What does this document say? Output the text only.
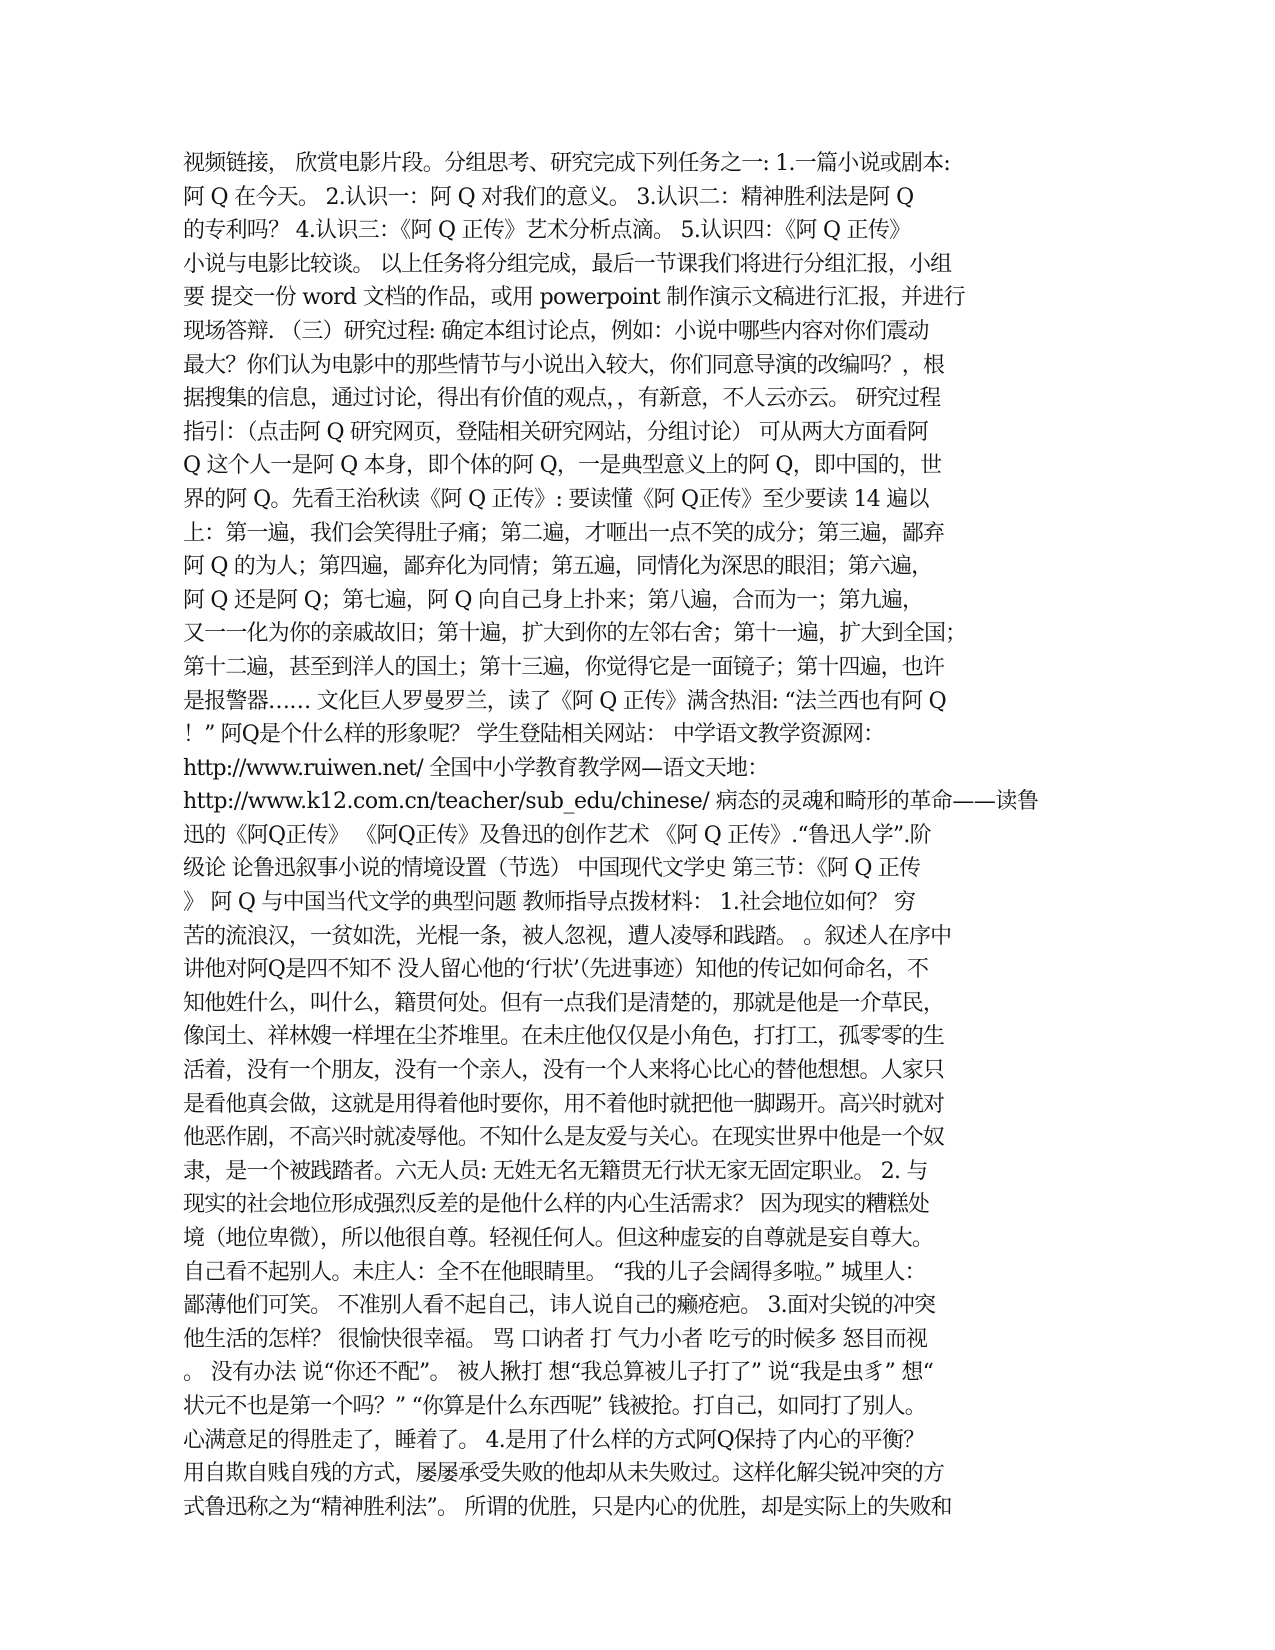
视频链接， 欣赏电影片段。分组思考、研究完成下列任务之一: 1.一篇小说或剧本:
阿 Q 在今天。 2.认识一：阿 Q 对我们的意义。 3.认识二：精神胜利法是阿 Q
的专利吗？ 4.认识三：《阿 Q 正传》艺术分析点滴。 5.认识四：《阿 Q 正传》
小说与电影比较谈。 以上任务将分组完成，最后一节课我们将进行分组汇报，小组
要 提交一份 word 文档的作品，或用 powerpoint 制作演示文稿进行汇报，并进行
现场答辩. （三）研究过程: 确定本组讨论点，例如：小说中哪些内容对你们震动
最大？你们认为电影中的那些情节与小说出入较大，你们同意导演的改编吗？，根
据搜集的信息，通过讨论，得出有价值的观点，，有新意，不人云亦云。 研究过程
指引：（点击阿 Q 研究网页，登陆相关研究网站，分组讨论） 可从两大方面看阿
Q 这个人一是阿 Q 本身，即个体的阿 Q，一是典型意义上的阿 Q，即中国的，世
界的阿 Q。先看王治秋读《阿 Q 正传》: 要读懂《阿 Q正传》至少要读 14 遍以
上：第一遍，我们会笑得肚子痛；第二遍，才咂出一点不笑的成分；第三遍，鄙弃
阿 Q 的为人；第四遍，鄙弃化为同情；第五遍，同情化为深思的眼泪；第六遍，
阿 Q 还是阿 Q；第七遍，阿 Q 向自己身上扑来；第八遍，合而为一；第九遍，
又一一化为你的亲戚故旧；第十遍，扩大到你的左邻右舍；第十一遍，扩大到全国；
第十二遍，甚至到洋人的国土；第十三遍，你觉得它是一面镜子；第十四遍，也许
是报警器…… 文化巨人罗曼罗兰，读了《阿 Q 正传》满含热泪: “法兰西也有阿 Q
！” 阿Q是个什么样的形象呢？ 学生登陆相关网站： 中学语文教学资源网：
http://www.ruiwen.net/ 全国中小学教育教学网—语文天地：
http://www.k12.com.cn/teacher/sub_edu/chinese/ 病态的灵魂和畸形的革命——读鲁
迅的《阿Q正传》 《阿Q正传》及鲁迅的创作艺术 《阿 Q 正传》.“鲁迅人学”.阶
级论 论鲁迅叙事小说的情境设置（节选） 中国现代文学史 第三节：《阿 Q 正传
》 阿 Q 与中国当代文学的典型问题 教师指导点拨材料： 1.社会地位如何？ 穷
苦的流浪汉，一贫如洗，光棍一条，被人忽视，遭人凌辱和践踏。 。叙述人在序中
讲他对阿Q是四不知不 没人留心他的‘行状’（先进事迹）知他的传记如何命名，不
知他姓什么，叫什么，籍贯何处。但有一点我们是清楚的，那就是他是一介草民，
像闰土、祥林嫂一样埋在尘芥堆里。在未庄他仅仅是小角色，打打工，孤零零的生
活着，没有一个朋友，没有一个亲人，没有一个人来将心比心的替他想想。人家只
是看他真会做，这就是用得着他时要你，用不着他时就把他一脚踢开。高兴时就对
他恶作剧，不高兴时就凌辱他。不知什么是友爱与关心。在现实世界中他是一个奴
隶，是一个被践踏者。六无人员: 无姓无名无籍贯无行状无家无固定职业。 2. 与
现实的社会地位形成强烈反差的是他什么样的内心生活需求？ 因为现实的糟糕处
境（地位卑微），所以他很自尊。轻视任何人。但这种虚妄的自尊就是妄自尊大。
自己看不起别人。未庄人：全不在他眼睛里。 “我的儿子会阔得多啦。” 城里人：
鄙薄他们可笑。 不准别人看不起自己，讳人说自己的癞疮疤。 3.面对尖锐的冲突
他生活的怎样？ 很愉快很幸福。 骂 口讷者 打 气力小者 吃亏的时候多 怒目而视
。 没有办法 说“你还不配”。 被人揪打 想“我总算被儿子打了” 说“我是虫豸” 想“
状元不也是第一个吗？” “你算是什么东西呢” 钱被抢。打自己，如同打了别人。
心满意足的得胜走了，睡着了。 4.是用了什么样的方式阿Q保持了内心的平衡？
用自欺自贱自残的方式，屡屡承受失败的他却从未失败过。这样化解尖锐冲突的方
式鲁迅称之为“精神胜利法”。 所谓的优胜，只是内心的优胜，却是实际上的失败和
